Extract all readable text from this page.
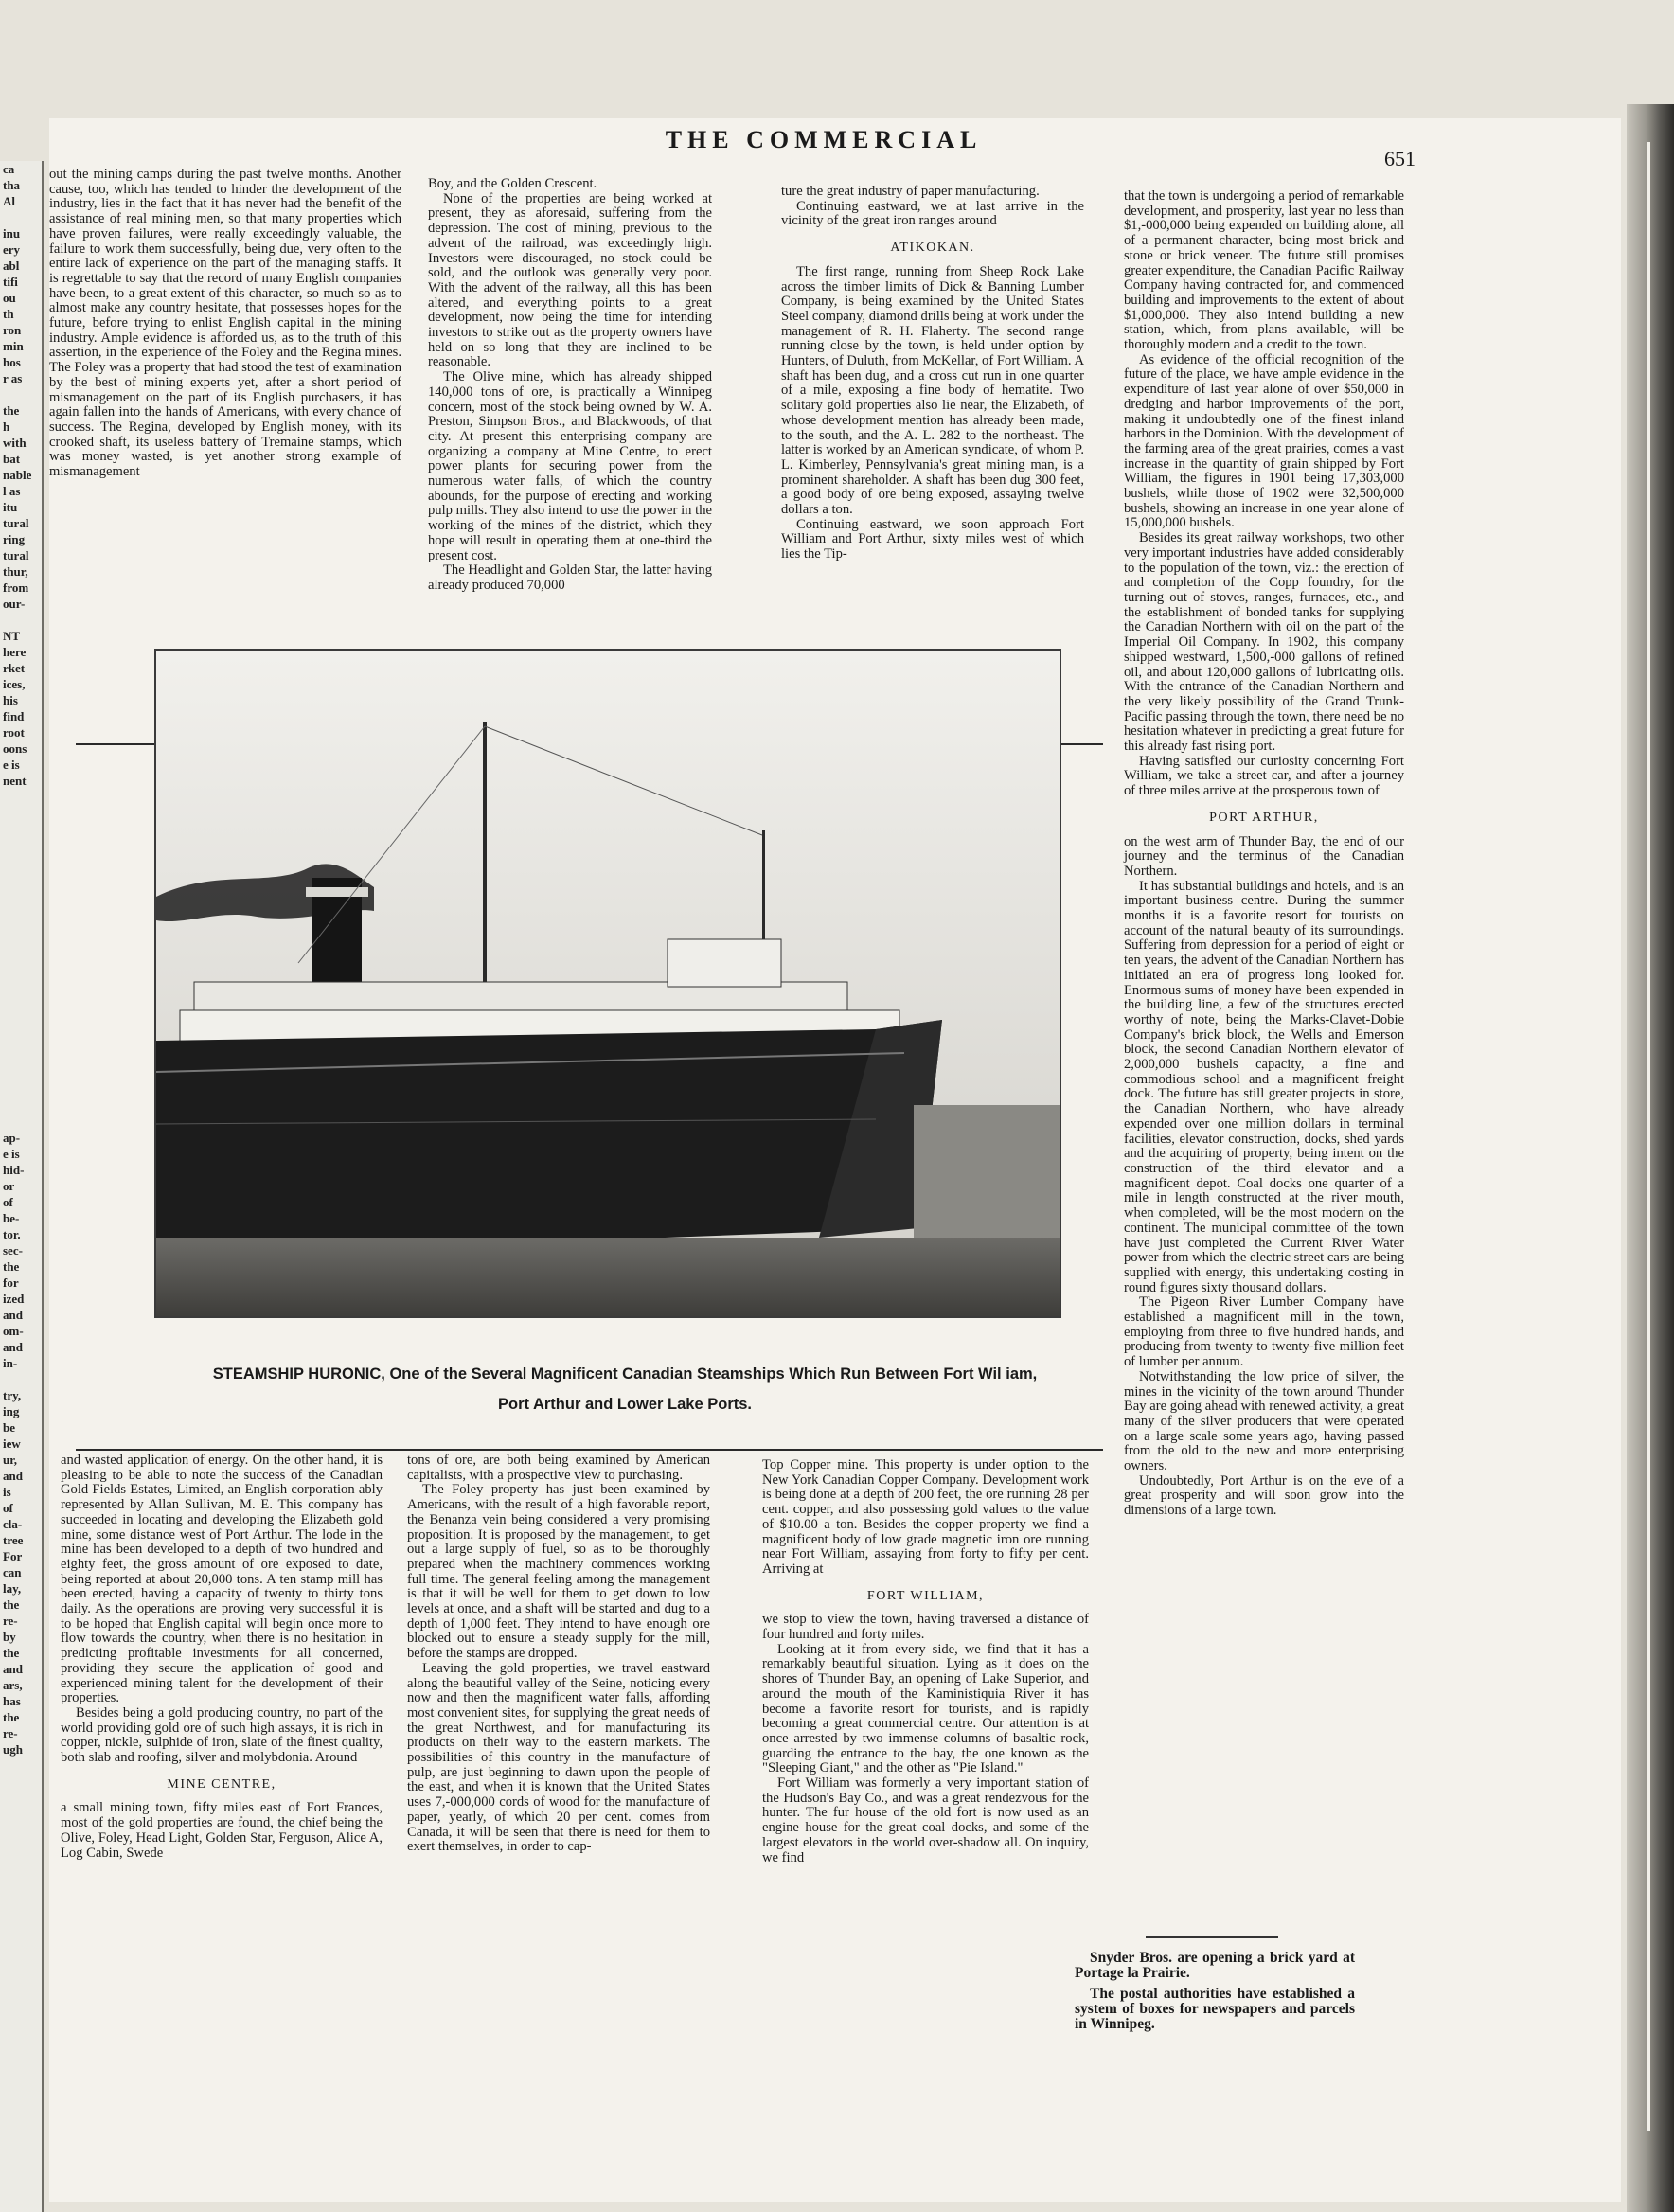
ca
tha
Al

inu
ery
abl
tifi
ou
th
ron
min
hos
r as

the
h
with
bat
nable
l as
itu
tural
ring
tural
thur,
from
our-

NT
here
rket
ices,
his
find
root
oons
e is
nent
ap-
e is
hid-
or
of
be-
tor.
sec-
the
for
ized
and
om-
and
in-

try,
ing
be
iew
ur,
and
is
of
cla-
tree
For
can
lay,
the
re-
by
the
and
ars,
has
the
re-
ugh
THE COMMERCIAL
651

out the mining camps during the past twelve months. Another cause, too, which has tended to hinder the development of the industry, lies in the fact that it has never had the benefit of the assistance of real mining men, so that many properties which have proven failures, were really exceedingly valuable, the failure to work them successfully, being due, very often to the entire lack of experience on the part of the managing staffs. It is regrettable to say that the record of many English companies have been, to a great extent of this character, so much so as to almost make any country hesitate, that possesses hopes for the future, before trying to enlist English capital in the mining industry. Ample evidence is afforded us, as to the truth of this assertion, in the experience of the Foley and the Regina mines. The Foley was a property that had stood the test of examination by the best of mining experts yet, after a short period of mismanagement on the part of its English purchasers, it has again fallen into the hands of Americans, with every chance of success. The Regina, developed by English money, with its crooked shaft, its useless battery of Tremaine stamps, which was money wasted, is yet another strong example of mismanagement

Boy, and the Golden Crescent.

None of the properties are being worked at present, they as aforesaid, suffering from the depression. The cost of mining, previous to the advent of the railroad, was exceedingly high. Investors were discouraged, no stock could be sold, and the outlook was generally very poor. With the advent of the railway, all this has been altered, and everything points to a great development, now being the time for intending investors to strike out as the property owners have held on so long that they are inclined to be reasonable.

The Olive mine, which has already shipped 140,000 tons of ore, is practically a Winnipeg concern, most of the stock being owned by W. A. Preston, Simpson Bros., and Blackwoods, of that city. At present this enterprising company are organizing a company at Mine Centre, to erect power plants for securing power from the numerous water falls, of which the country abounds, for the purpose of erecting and working pulp mills. They also intend to use the power in the working of the mines of the district, which they hope will result in operating them at one-third the present cost.

The Headlight and Golden Star, the latter having already produced 70,000

ture the great industry of paper manufacturing.

Continuing eastward, we at last arrive in the vicinity of the great iron ranges around

ATIKOKAN.

The first range, running from Sheep Rock Lake across the timber limits of Dick & Banning Lumber Company, is being examined by the United States Steel company, diamond drills being at work under the management of R. H. Flaherty. The second range running close by the town, is held under option by Hunters, of Duluth, from McKellar, of Fort William. A shaft has been dug, and a cross cut run in one quarter of a mile, exposing a fine body of hematite. Two solitary gold properties also lie near, the Elizabeth, of whose development mention has already been made, to the south, and the A. L. 282 to the northeast. The latter is worked by an American syndicate, of whom P. L. Kimberley, Pennsylvania's great mining man, is a prominent shareholder. A shaft has been dug 300 feet, a good body of ore being exposed, assaying twelve dollars a ton.

Continuing eastward, we soon approach Fort William and Port Arthur, sixty miles west of which lies the Tip-

that the town is undergoing a period of remarkable development, and prosperity, last year no less than $1,-000,000 being expended on building alone, all of a permanent character, being most brick and stone or brick veneer. The future still promises greater expenditure, the Canadian Pacific Railway Company having contracted for, and commenced building and improvements to the extent of about $1,000,000. They also intend building a new station, which, from plans available, will be thoroughly modern and a credit to the town.

As evidence of the official recognition of the future of the place, we have ample evidence in the expenditure of last year alone of over $50,000 in dredging and harbor improvements of the port, making it undoubtedly one of the finest inland harbors in the Dominion. With the development of the farming area of the great prairies, comes a vast increase in the quantity of grain shipped by Fort William, the figures in 1901 being 17,303,000 bushels, while those of 1902 were 32,500,000 bushels, showing an increase in one year alone of 15,000,000 bushels.

Besides its great railway workshops, two other very important industries have added considerably to the population of the town, viz.: the erection of and completion of the Copp foundry, for the turning out of stoves, ranges, furnaces, etc., and the establishment of bonded tanks for supplying the Canadian Northern with oil on the part of the Imperial Oil Company. In 1902, this company shipped westward, 1,500,-000 gallons of refined oil, and about 120,000 gallons of lubricating oils. With the entrance of the Canadian Northern and the very likely possibility of the Grand Trunk-Pacific passing through the town, there need be no hesitation whatever in predicting a great future for this already fast rising port.

Having satisfied our curiosity concerning Fort William, we take a street car, and after a journey of three miles arrive at the prosperous town of

PORT ARTHUR,

on the west arm of Thunder Bay, the end of our journey and the terminus of the Canadian Northern.

It has substantial buildings and hotels, and is an important business centre. During the summer months it is a favorite resort for tourists on account of the natural beauty of its surroundings. Suffering from depression for a period of eight or ten years, the advent of the Canadian Northern has initiated an era of progress long looked for. Enormous sums of money have been expended in the building line, a few of the structures erected worthy of note, being the Marks-Clavet-Dobie Company's brick block, the Wells and Emerson block, the second Canadian Northern elevator of 2,000,000 bushels capacity, a fine and commodious school and a magnificent freight dock. The future has still greater projects in store, the Canadian Northern, who have already expended over one million dollars in terminal facilities, elevator construction, docks, shed yards and the acquiring of property, being intent on the construction of the third elevator and a magnificent depot. Coal docks one quarter of a mile in length constructed at the river mouth, when completed, will be the most modern on the continent. The municipal committee of the town have just completed the Current River Water power from which the electric street cars are being supplied with energy, this undertaking costing in round figures sixty thousand dollars.

The Pigeon River Lumber Company have established a magnificent mill in the town, employing from three to five hundred hands, and producing from twenty to twenty-five million feet of lumber per annum.

Notwithstanding the low price of silver, the mines in the vicinity of the town around Thunder Bay are going ahead with renewed activity, a great many of the silver producers that were operated on a large scale some years ago, having passed from the old to the new and more enterprising owners.

Undoubtedly, Port Arthur is on the eve of a great prosperity and will soon grow into the dimensions of a large town.

STEAMSHIP HURONIC, One of the Several Magnificent Canadian Steamships Which Run Between Fort Wil iam,
Port Arthur and Lower Lake Ports.

and wasted application of energy. On the other hand, it is pleasing to be able to note the success of the Canadian Gold Fields Estates, Limited, an English corporation ably represented by Allan Sullivan, M. E. This company has succeeded in locating and developing the Elizabeth gold mine, some distance west of Port Arthur. The lode in the mine has been developed to a depth of two hundred and eighty feet, the gross amount of ore exposed to date, being reported at about 20,000 tons. A ten stamp mill has been erected, having a capacity of twenty to thirty tons daily. As the operations are proving very successful it is to be hoped that English capital will begin once more to flow towards the country, when there is no hesitation in predicting profitable investments for all concerned, providing they secure the application of good and experienced mining talent for the development of their properties.

Besides being a gold producing country, no part of the world providing gold ore of such high assays, it is rich in copper, nickle, sulphide of iron, slate of the finest quality, both slab and roofing, silver and molybdonia. Around

MINE CENTRE,

a small mining town, fifty miles east of Fort Frances, most of the gold properties are found, the chief being the Olive, Foley, Head Light, Golden Star, Ferguson, Alice A, Log Cabin, Swede

tons of ore, are both being examined by American capitalists, with a prospective view to purchasing.

The Foley property has just been examined by Americans, with the result of a high favorable report, the Benanza vein being considered a very promising proposition. It is proposed by the management, to get out a large supply of fuel, so as to be thoroughly prepared when the machinery commences working full time. The general feeling among the management is that it will be well for them to get down to low levels at once, and a shaft will be started and dug to a depth of 1,000 feet. They intend to have enough ore blocked out to ensure a steady supply for the mill, before the stamps are dropped.

Leaving the gold properties, we travel eastward along the beautiful valley of the Seine, noticing every now and then the magnificent water falls, affording most convenient sites, for supplying the great needs of the great Northwest, and for manufacturing its products on their way to the eastern markets. The possibilities of this country in the manufacture of pulp, are just beginning to dawn upon the people of the east, and when it is known that the United States uses 7,-000,000 cords of wood for the manufacture of paper, yearly, of which 20 per cent. comes from Canada, it will be seen that there is need for them to exert themselves, in order to cap-

Top Copper mine. This property is under option to the New York Canadian Copper Company. Development work is being done at a depth of 200 feet, the ore running 28 per cent. copper, and also possessing gold values to the value of $10.00 a ton. Besides the copper property we find a magnificent body of low grade magnetic iron ore running near Fort William, assaying from forty to fifty per cent. Arriving at

FORT WILLIAM,

we stop to view the town, having traversed a distance of four hundred and forty miles.

Looking at it from every side, we find that it has a remarkably beautiful situation. Lying as it does on the shores of Thunder Bay, an opening of Lake Superior, and around the mouth of the Kaministiquia River it has become a favorite resort for tourists, and is rapidly becoming a great commercial centre. Our attention is at once arrested by two immense columns of basaltic rock, guarding the entrance to the bay, the one known as the "Sleeping Giant," and the other as "Pie Island."

Fort William was formerly a very important station of the Hudson's Bay Co., and was a great rendezvous for the hunter. The fur house of the old fort is now used as an engine house for the great coal docks, and some of the largest elevators in the world over-shadow all. On inquiry, we find

Snyder Bros. are opening a brick yard at Portage la Prairie.

The postal authorities have established a system of boxes for newspapers and parcels in Winnipeg.
